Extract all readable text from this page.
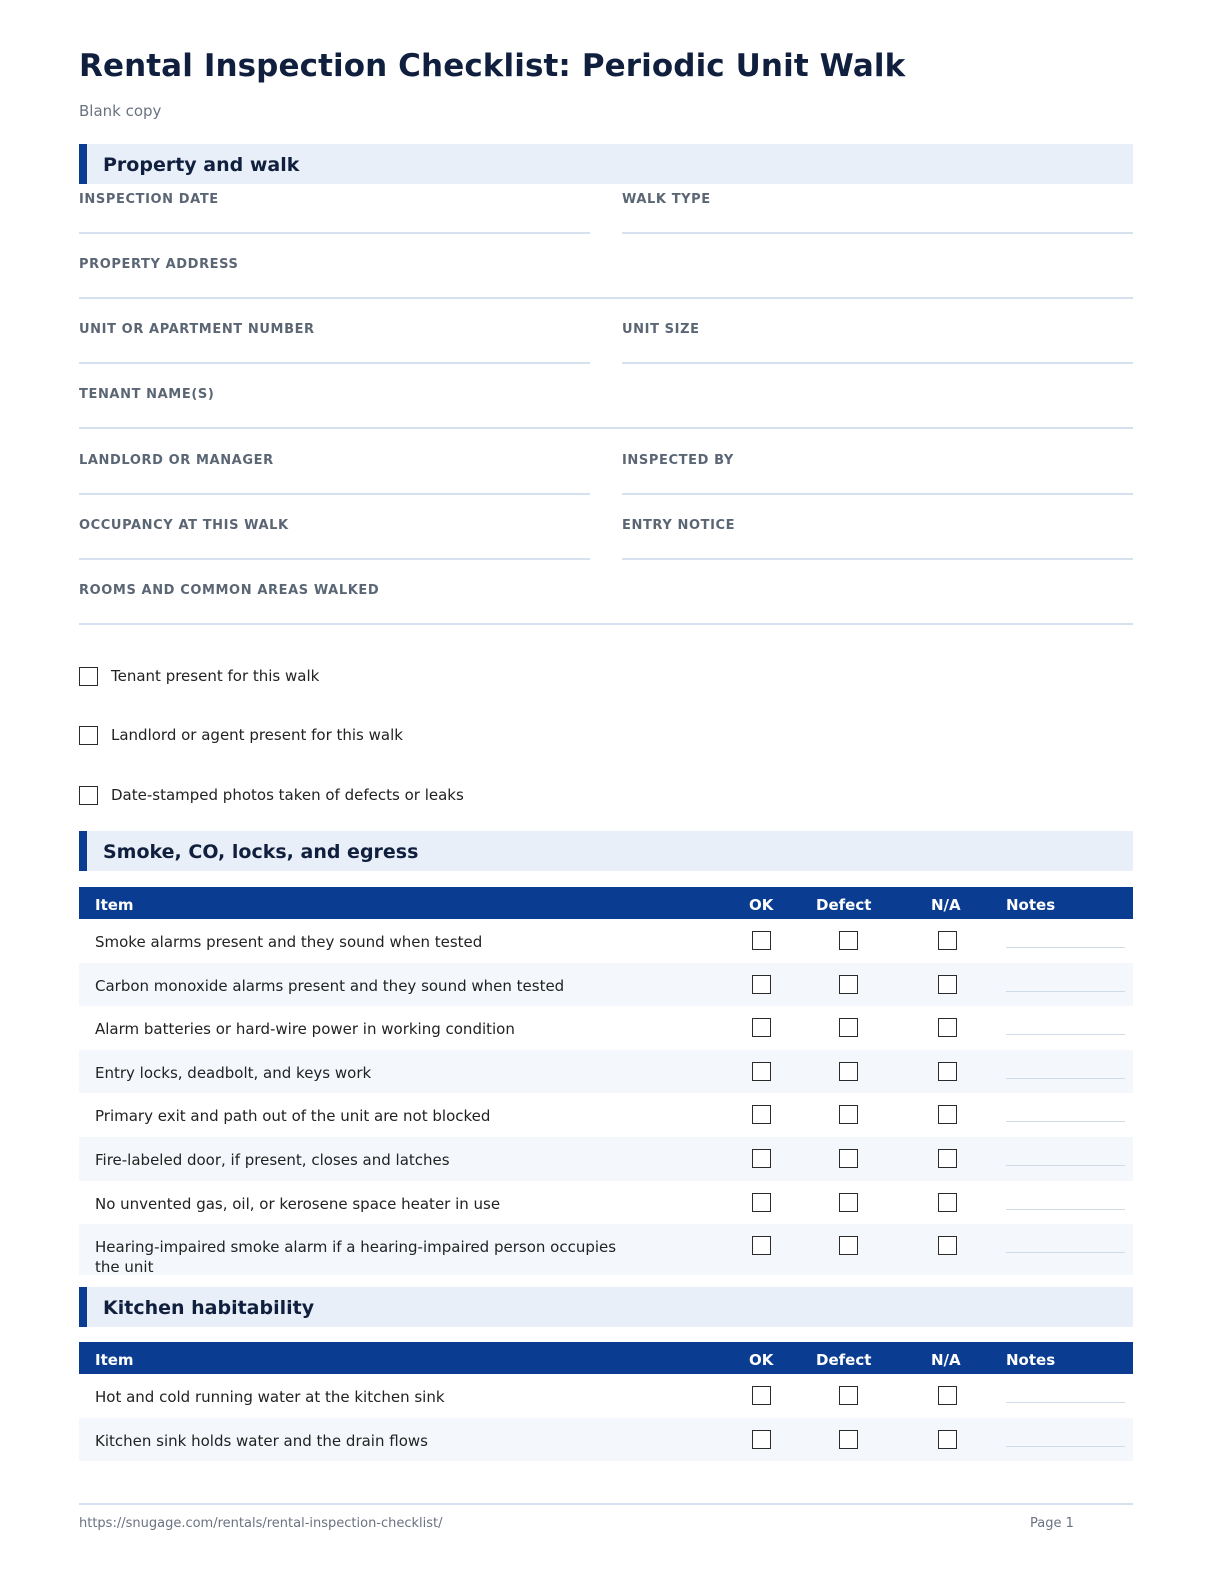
Rental Inspection Checklist: Periodic Unit Walk
Blank copy
Property and walk
INSPECTION DATE	WALK TYPE
PROPERTY ADDRESS
UNIT OR APARTMENT NUMBER	UNIT SIZE
TENANT NAME(S)
LANDLORD OR MANAGER	INSPECTED BY
OCCUPANCY AT THIS WALK	ENTRY NOTICE
ROOMS AND COMMON AREAS WALKED
Tenant present for this walk
Landlord or agent present for this walk
Date-stamped photos taken of defects or leaks
Smoke, CO, locks, and egress
Item	OK	Defect	N/A	Notes
Smoke alarms present and they sound when tested
Carbon monoxide alarms present and they sound when tested
Alarm batteries or hard-wire power in working condition
Entry locks, deadbolt, and keys work
Primary exit and path out of the unit are not blocked
Fire-labeled door, if present, closes and latches
No unvented gas, oil, or kerosene space heater in use
Hearing-impaired smoke alarm if a hearing-impaired person occupies the unit
Kitchen habitability
Item	OK	Defect	N/A	Notes
Hot and cold running water at the kitchen sink
Kitchen sink holds water and the drain flows
https://snugage.com/rentals/rental-inspection-checklist/	Page 1
